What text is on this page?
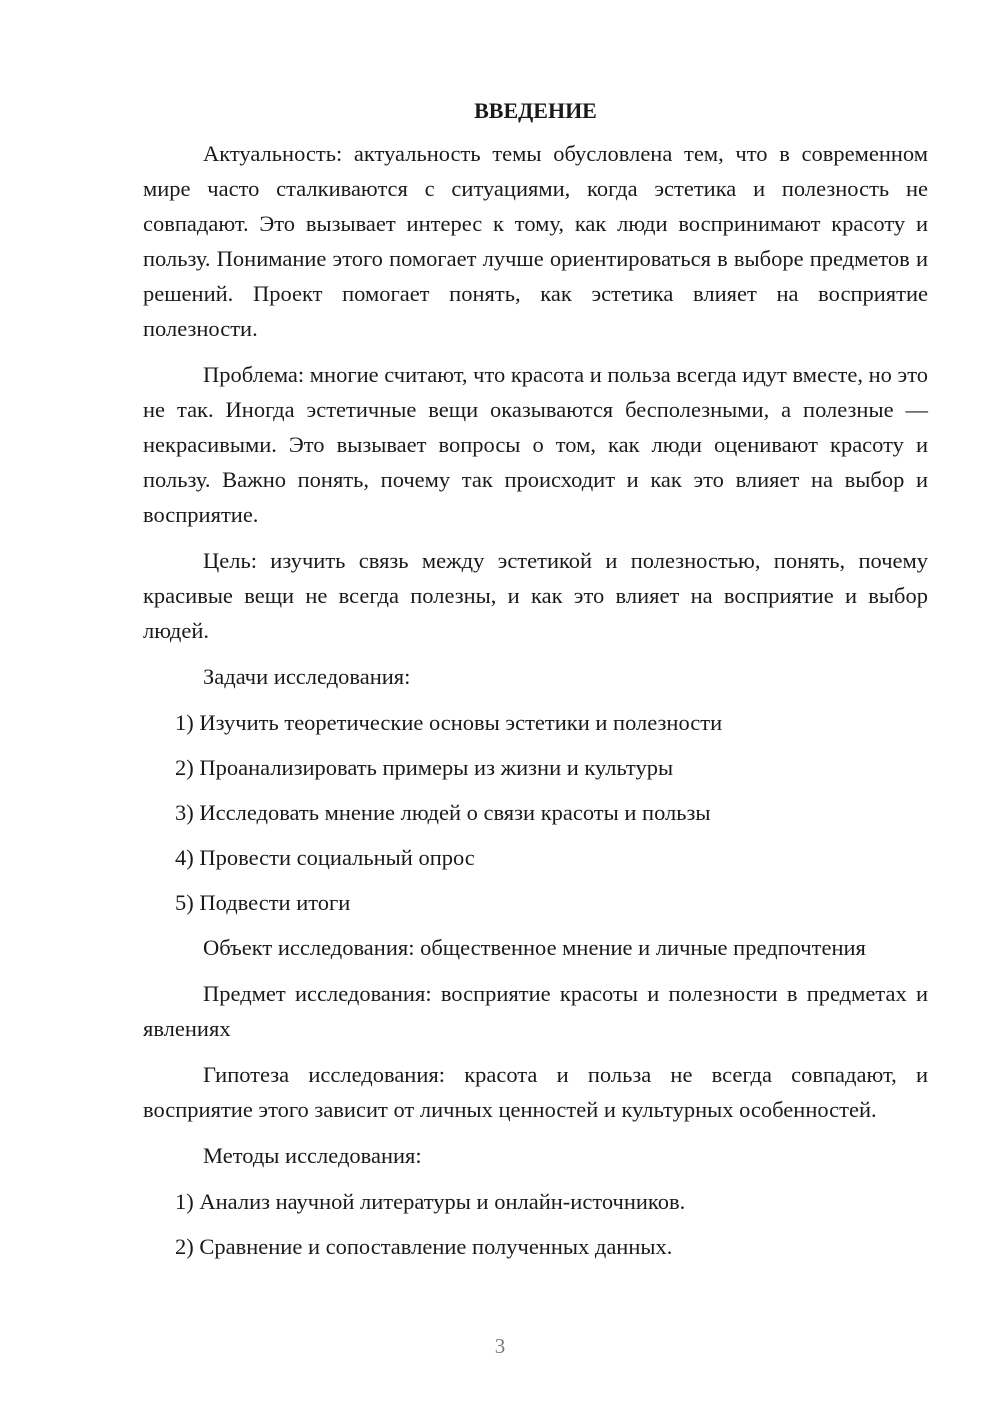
ВВЕДЕНИЕ

Актуальность: актуальность темы обусловлена тем, что в современном мире часто сталкиваются с ситуациями, когда эстетика и полезность не совпадают. Это вызывает интерес к тому, как люди воспринимают красоту и пользу. Понимание этого помогает лучше ориентироваться в выборе предметов и решений. Проект помогает понять, как эстетика влияет на восприятие полезности.

Проблема: многие считают, что красота и польза всегда идут вместе, но это не так. Иногда эстетичные вещи оказываются бесполезными, а полезные — некрасивыми. Это вызывает вопросы о том, как люди оценивают красоту и пользу. Важно понять, почему так происходит и как это влияет на выбор и восприятие.

Цель: изучить связь между эстетикой и полезностью, понять, почему красивые вещи не всегда полезны, и как это влияет на восприятие и выбор людей.

Задачи исследования:

1) Изучить теоретические основы эстетики и полезности
2) Проанализировать примеры из жизни и культуры
3) Исследовать мнение людей о связи красоты и пользы
4) Провести социальный опрос
5) Подвести итоги

Объект исследования: общественное мнение и личные предпочтения

Предмет исследования: восприятие красоты и полезности в предметах и явлениях

Гипотеза исследования: красота и польза не всегда совпадают, и восприятие этого зависит от личных ценностей и культурных особенностей.

Методы исследования:

1) Анализ научной литературы и онлайн-источников.
2) Сравнение и сопоставление полученных данных.
3
